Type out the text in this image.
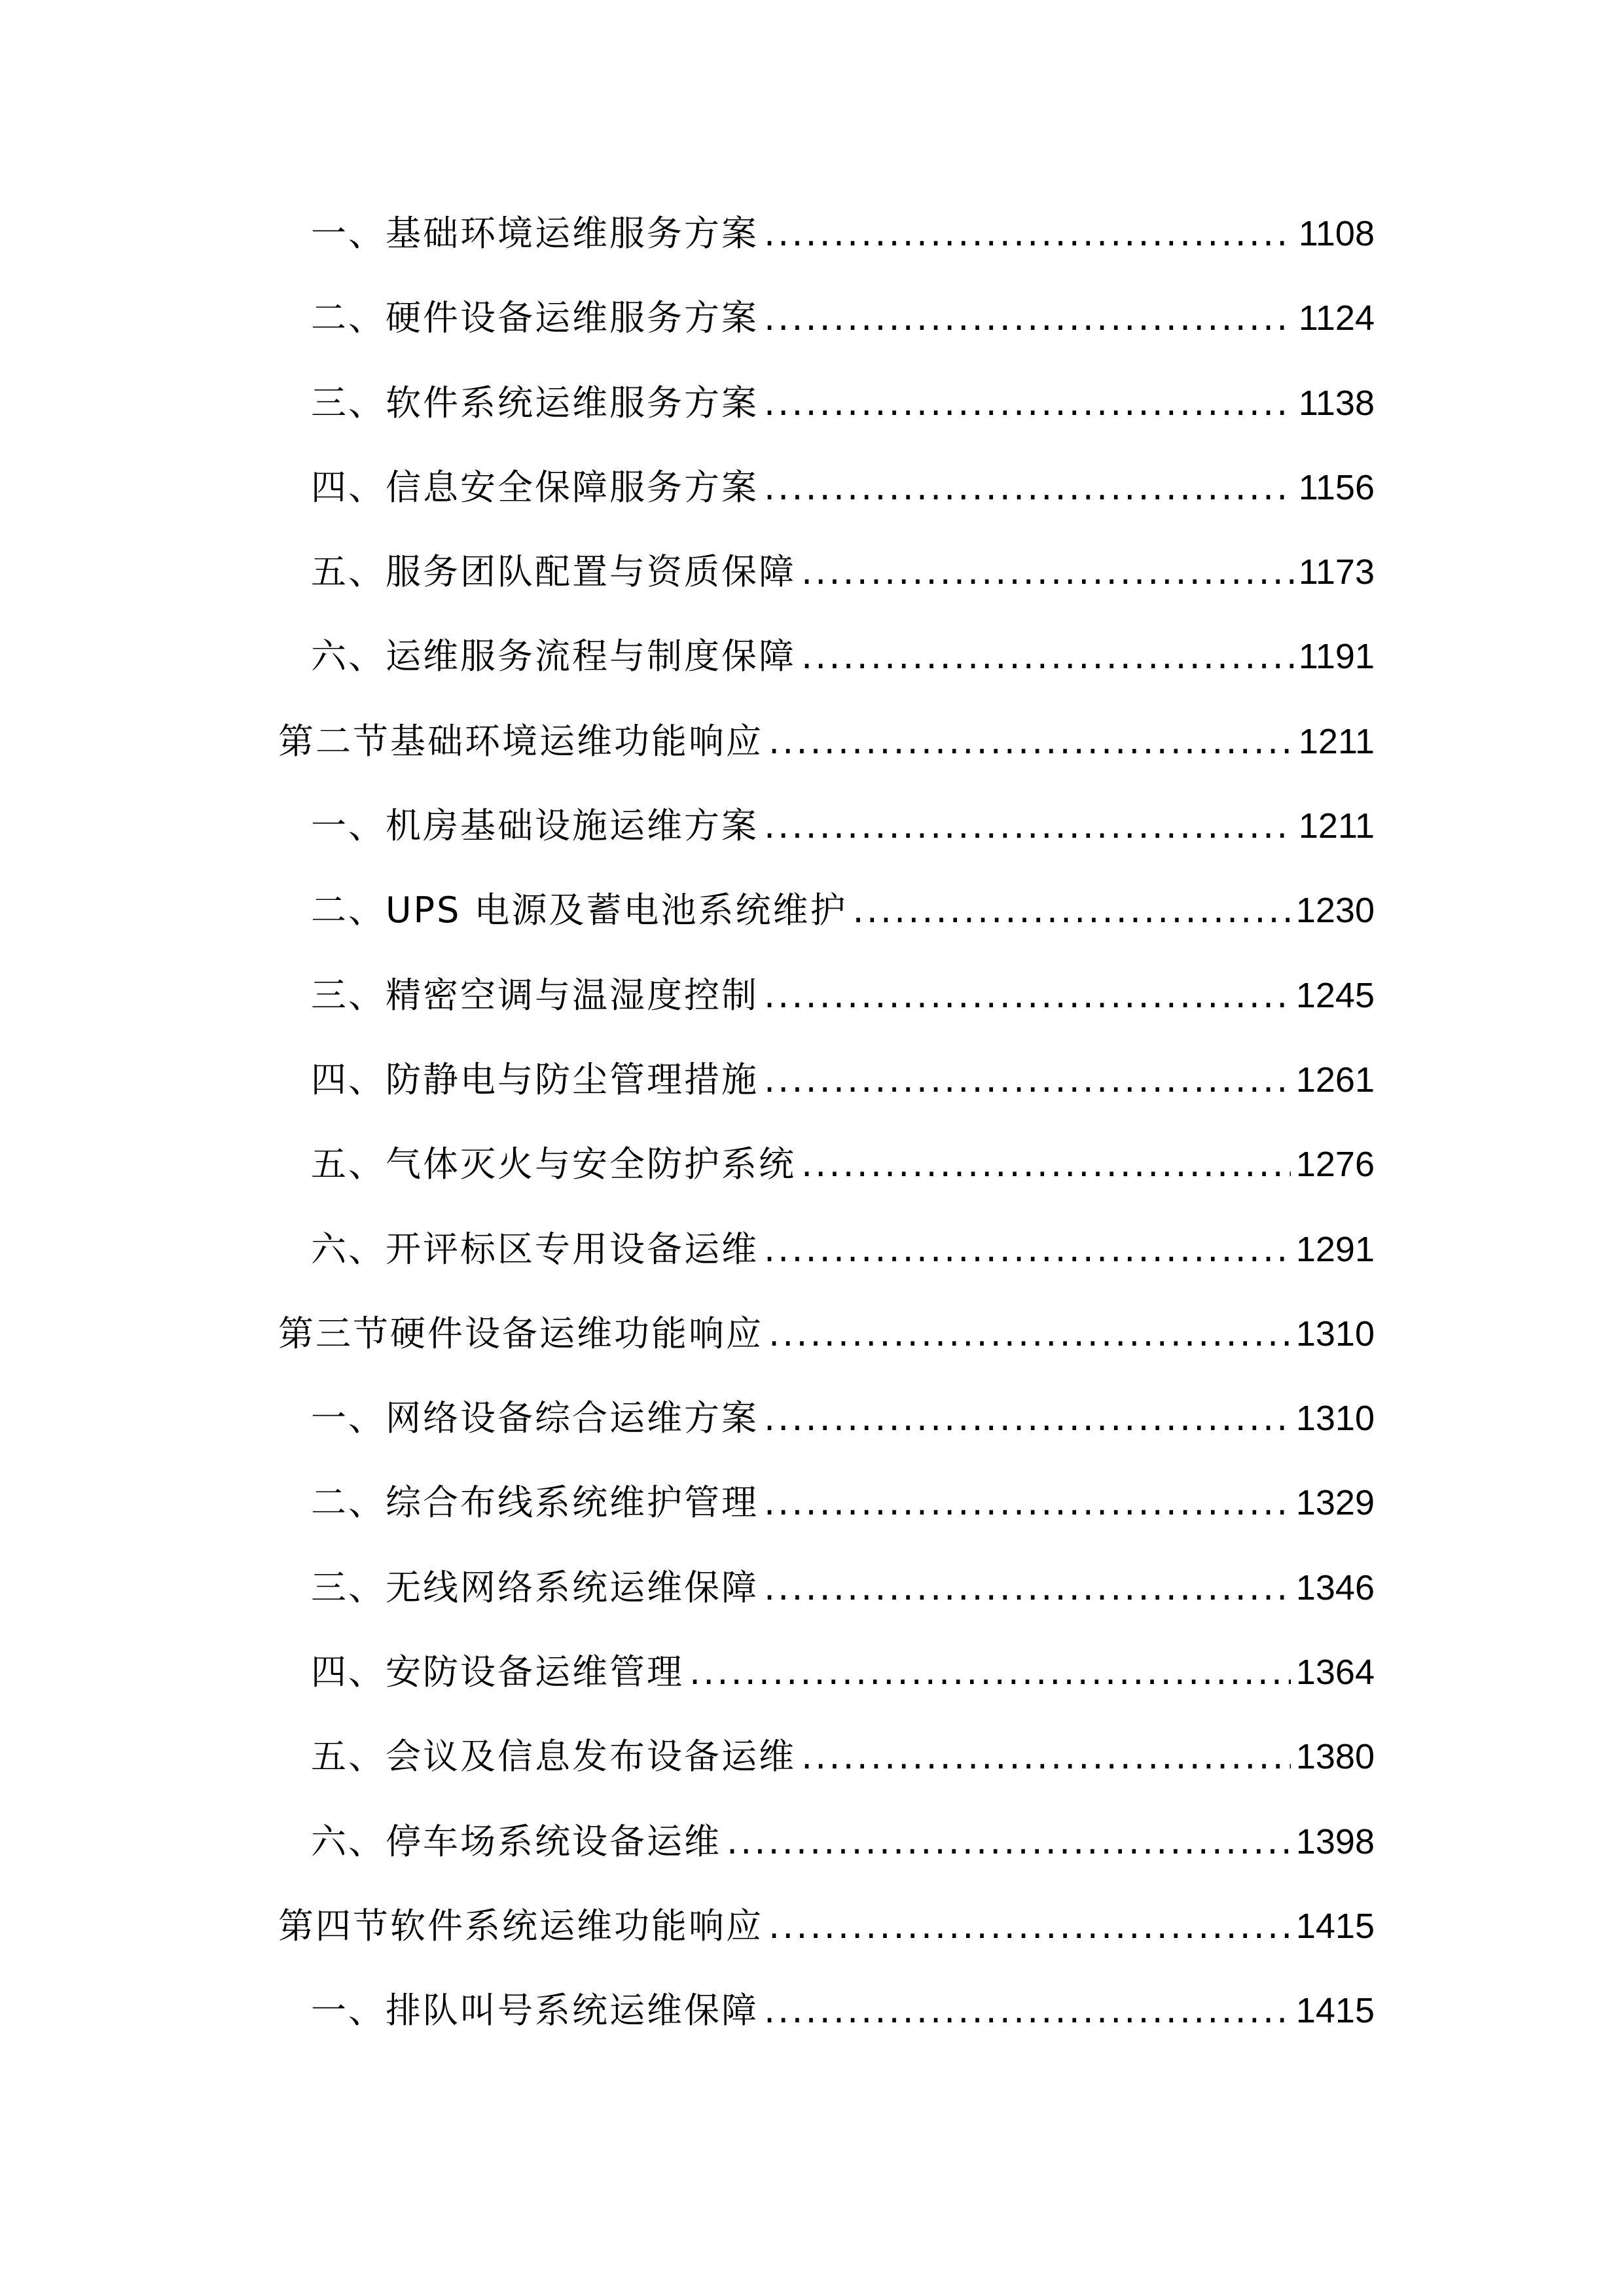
一、基础环境运维服务方案 .....	1108
二、硬件设备运维服务方案 .....	1124
三、软件系统运维服务方案 .....	1138
四、信息安全保障服务方案 .....	1156
五、服务团队配置与资质保障 .....	1173
六、运维服务流程与制度保障 .....	1191
第二节基础环境运维功能响应 .....	1211
一、机房基础设施运维方案 .....	1211
二、UPS 电源及蓄电池系统维护 .....	1230
三、精密空调与温湿度控制 .....	1245
四、防静电与防尘管理措施 .....	1261
五、气体灭火与安全防护系统 .....	1276
六、开评标区专用设备运维 .....	1291
第三节硬件设备运维功能响应 .....	1310
一、网络设备综合运维方案 .....	1310
二、综合布线系统维护管理 .....	1329
三、无线网络系统运维保障 .....	1346
四、安防设备运维管理 .....	1364
五、会议及信息发布设备运维 .....	1380
六、停车场系统设备运维 .....	1398
第四节软件系统运维功能响应 .....	1415
一、排队叫号系统运维保障 .....	1415
